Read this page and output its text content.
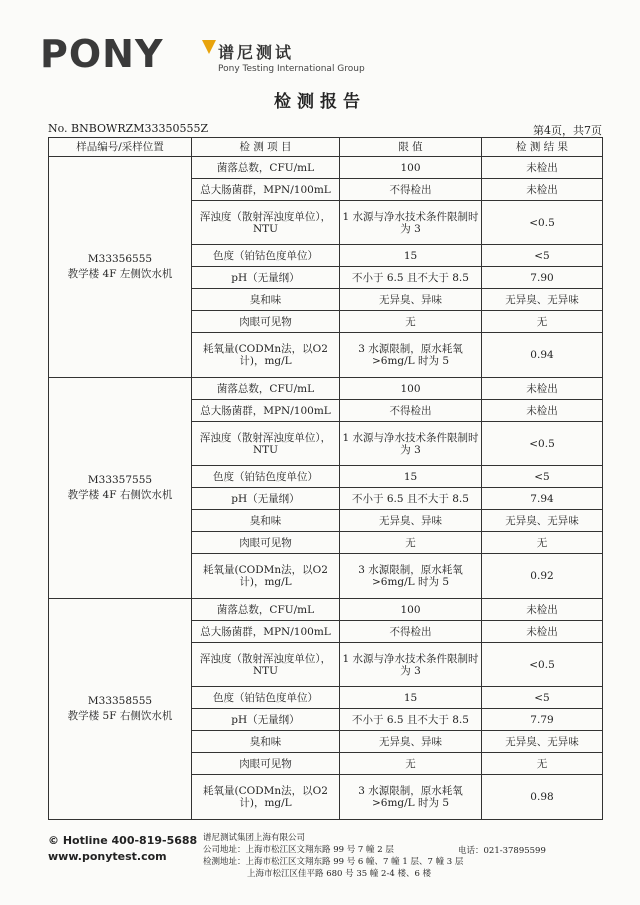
PONY	谱尼测试
Pony Testing International Group
检测报告
No. BNBOWRZM33350555Z	第4页，共7页
样品编号/采样位置	检 测 项 目	限 值	检 测 结 果

M33356555
教学楼 4F 左侧饮水机	菌落总数，CFU/mL	100	未检出
	总大肠菌群，MPN/100mL	不得检出	未检出
	浑浊度（散射浑浊度单位），NTU	1 水源与净水技术条件限制时为 3	<0.5
	色度（铂钴色度单位）	15	<5
	pH（无量纲）	不小于 6.5 且不大于 8.5	7.90
	臭和味	无异臭、异味	无异臭、无异味
	肉眼可见物	无	无
	耗氧量(CODMn法，以O2计)，mg/L	3 水源限制，原水耗氧>6mg/L 时为 5	0.94

M33357555
教学楼 4F 右侧饮水机	菌落总数，CFU/mL	100	未检出
	总大肠菌群，MPN/100mL	不得检出	未检出
	浑浊度（散射浑浊度单位），NTU	1 水源与净水技术条件限制时为 3	<0.5
	色度（铂钴色度单位）	15	<5
	pH（无量纲）	不小于 6.5 且不大于 8.5	7.94
	臭和味	无异臭、异味	无异臭、无异味
	肉眼可见物	无	无
	耗氧量(CODMn法，以O2计)，mg/L	3 水源限制，原水耗氧>6mg/L 时为 5	0.92

M33358555
教学楼 5F 右侧饮水机	菌落总数，CFU/mL	100	未检出
	总大肠菌群，MPN/100mL	不得检出	未检出
	浑浊度（散射浑浊度单位），NTU	1 水源与净水技术条件限制时为 3	<0.5
	色度（铂钴色度单位）	15	<5
	pH（无量纲）	不小于 6.5 且不大于 8.5	7.79
	臭和味	无异臭、异味	无异臭、无异味
	肉眼可见物	无	无
	耗氧量(CODMn法，以O2计)，mg/L	3 水源限制，原水耗氧>6mg/L 时为 5	0.98
© Hotline 400-819-5688
www.ponytest.com
谱尼测试集团上海有限公司
公司地址：上海市松江区文翔东路 99 号 7 幢 2 层
检测地址：上海市松江区文翔东路 99 号 6 幢、7 幢 1 层、7 幢 3 层
上海市松江区佳平路 680 号 35 幢 2-4 楼、6 楼
电话：021-37895599
